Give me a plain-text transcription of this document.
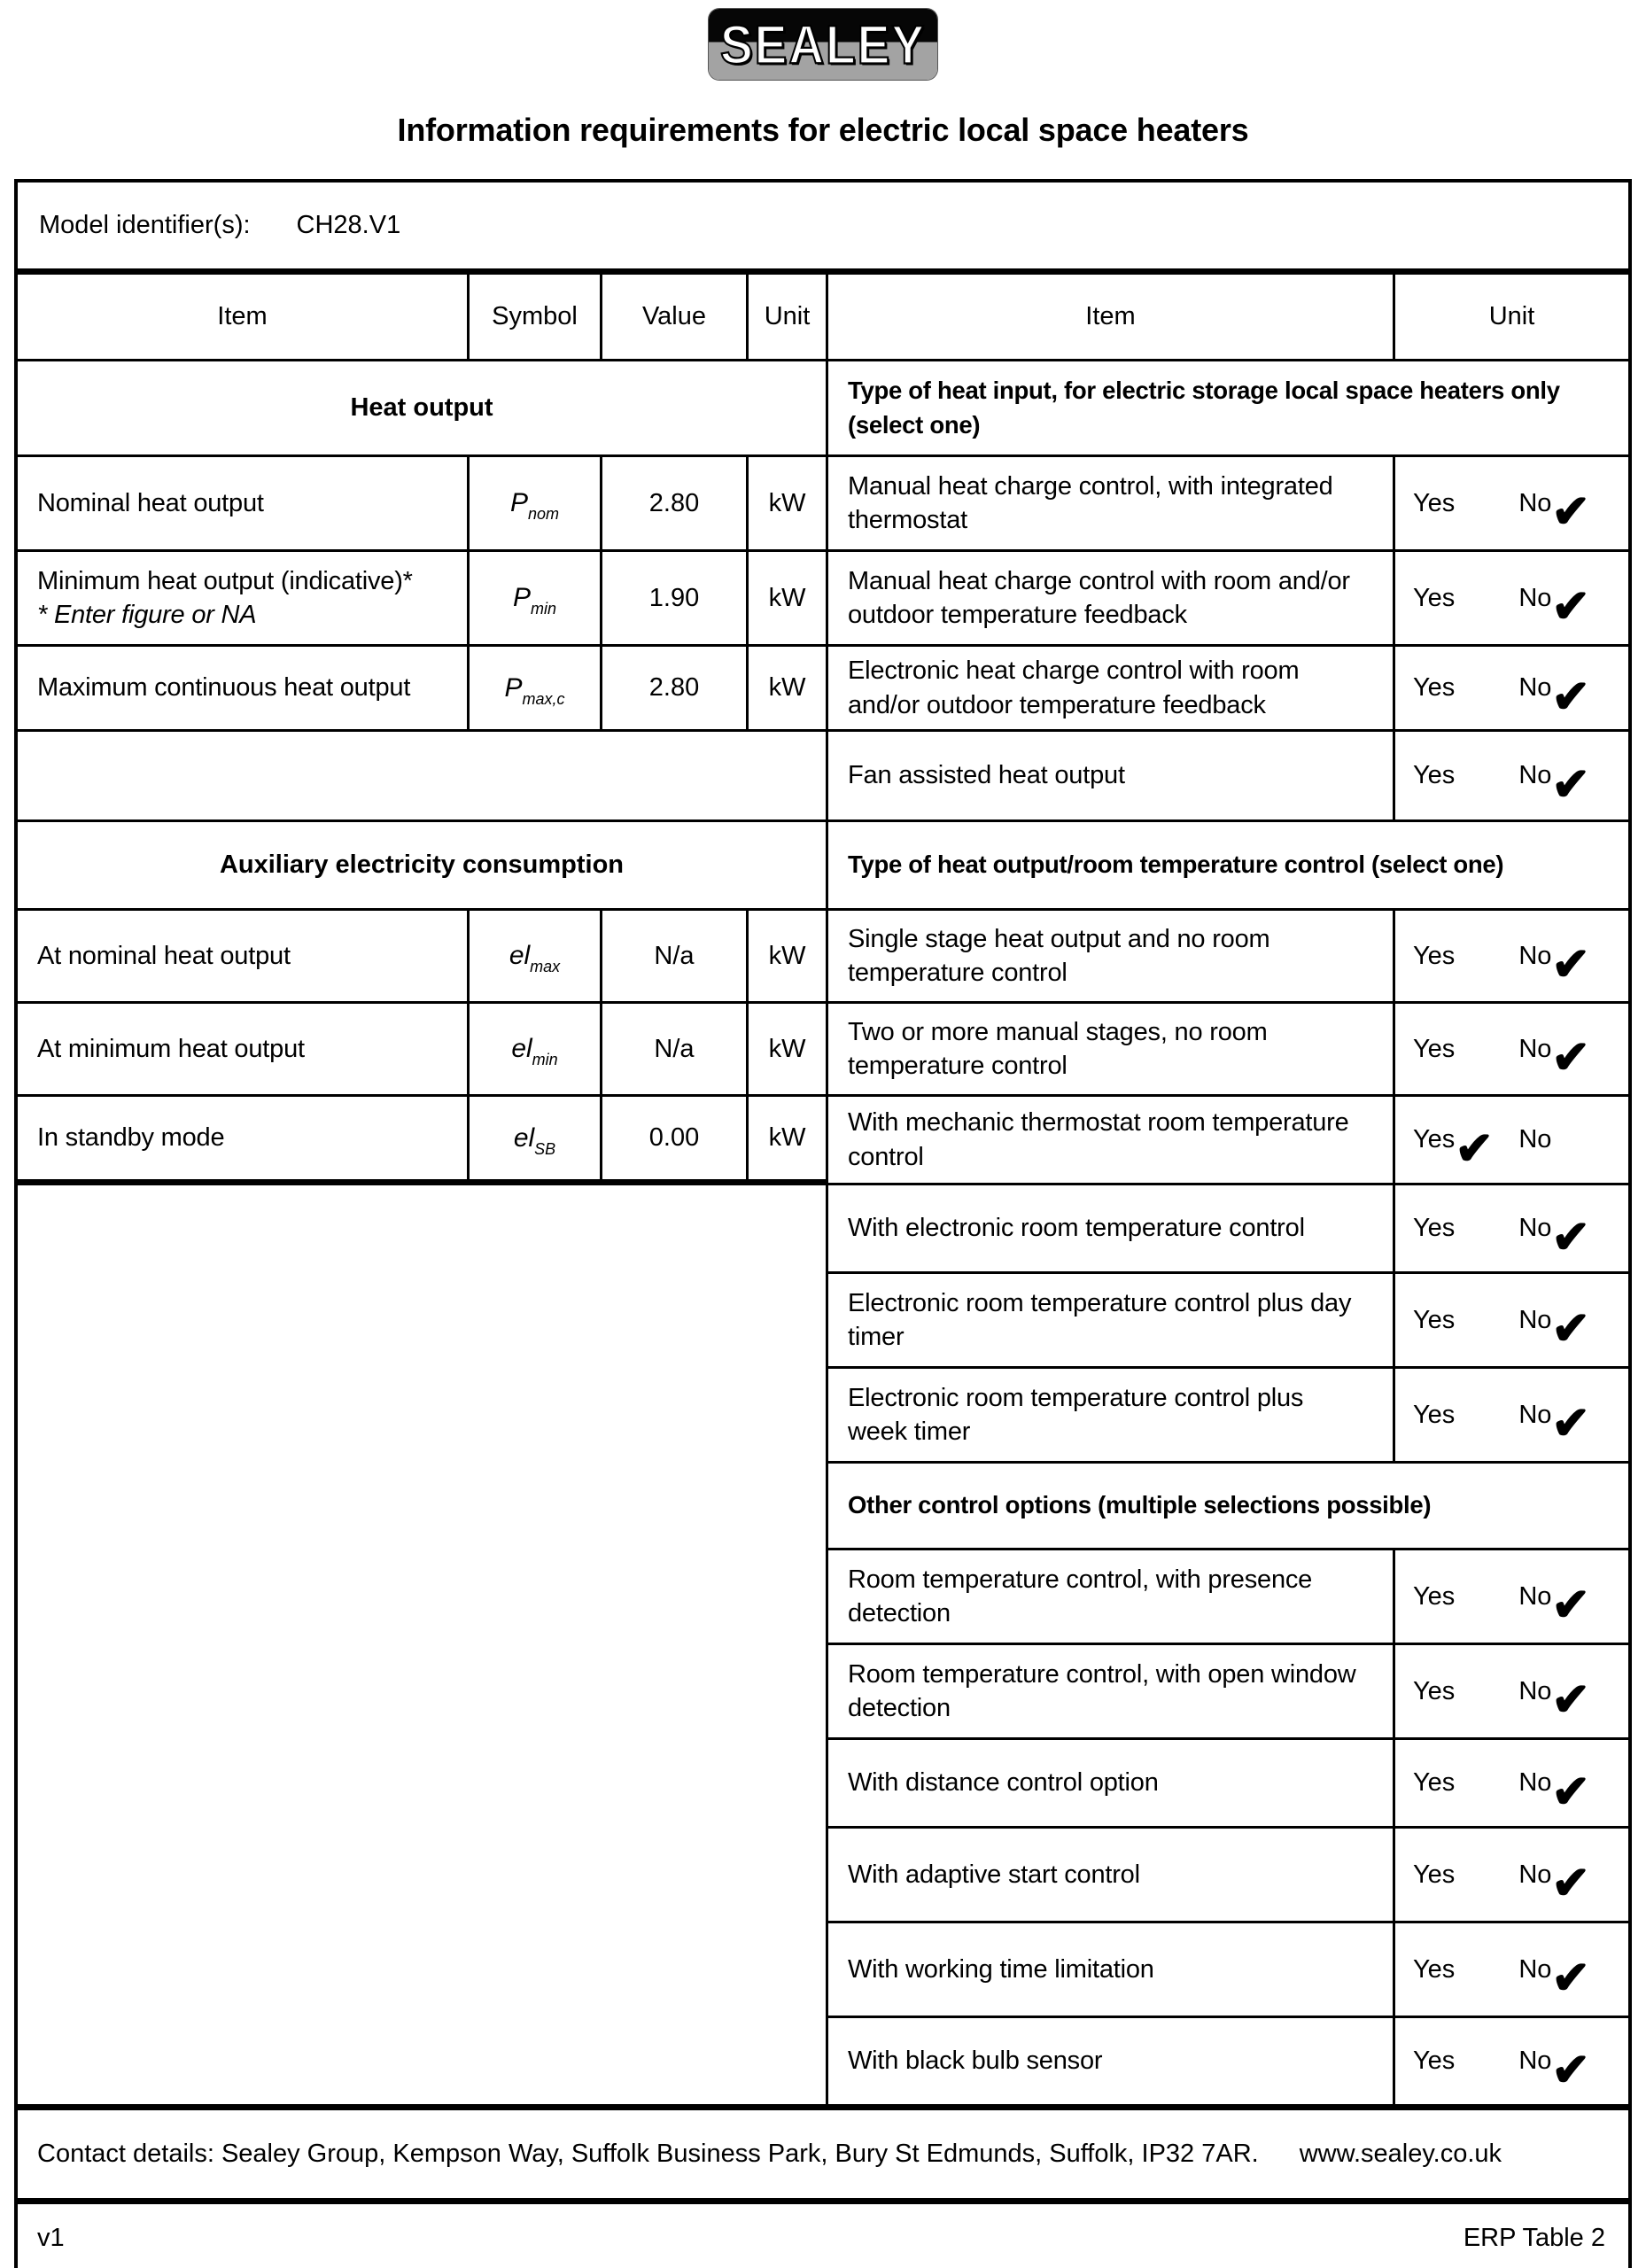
SEALEY
Information requirements for electric local space heaters
Model identifier(s): CH28.V1
Item	Symbol	Value	Unit	Item	Unit
Heat output
Type of heat input, for electric storage local space heaters only (select one)
Nominal heat output	$P_{nom}$	2.80	kW
Manual heat charge control, with integrated thermostat
Yes No ✔
Minimum heat output (indicative)*
* Enter figure or NA
$P_{min}$	1.90	kW
Manual heat charge control with room and/or outdoor temperature feedback
Yes No ✔
Maximum continuous heat output	$P_{max,c}$	2.80	kW
Electronic heat charge control with room and/or outdoor temperature feedback
Yes No ✔
Fan assisted heat output	Yes No ✔
Auxiliary electricity consumption	Type of heat output/room temperature control (select one)
At nominal heat output	$el_{max}$	N/a	kW
Single stage heat output and no room temperature control
Yes No ✔
At minimum heat output	$el_{min}$	N/a	kW
Two or more manual stages, no room temperature control
Yes No ✔
In standby mode	$el_{SB}$	0.00	kW
With mechanic thermostat room temperature control
Yes ✔ No
With electronic room temperature control	Yes No ✔
Electronic room temperature control plus day timer
Yes No ✔
Electronic room temperature control plus week timer
Yes No ✔
Other control options (multiple selections possible)
Room temperature control, with presence detection
Yes No ✔
Room temperature control, with open window detection
Yes No ✔
With distance control option	Yes No ✔
With adaptive start control	Yes No ✔
With working time limitation	Yes No ✔
With black bulb sensor	Yes No ✔
Contact details: Sealey Group, Kempson Way, Suffolk Business Park, Bury St Edmunds, Suffolk, IP32 7AR. www.sealey.co.uk
v1	ERP Table 2
